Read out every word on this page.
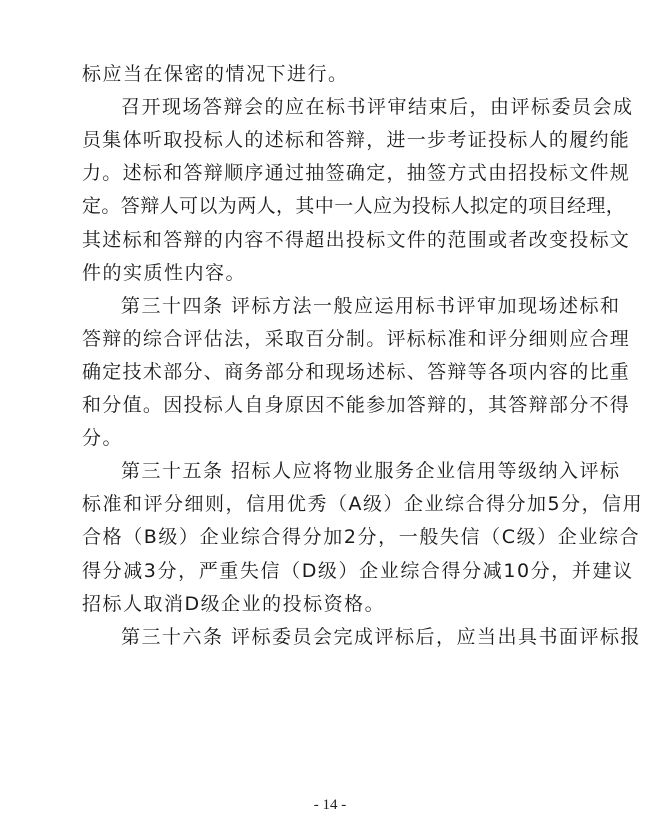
标应当在保密的情况下进行。
召开现场答辩会的应在标书评审结束后，由评标委员会成
员集体听取投标人的述标和答辩，进一步考证投标人的履约能
力。述标和答辩顺序通过抽签确定，抽签方式由招投标文件规
定。答辩人可以为两人，其中一人应为投标人拟定的项目经理，
其述标和答辩的内容不得超出投标文件的范围或者改变投标文
件的实质性内容。
第三十四条 评标方法一般应运用标书评审加现场述标和
答辩的综合评估法，采取百分制。评标标准和评分细则应合理
确定技术部分、商务部分和现场述标、答辩等各项内容的比重
和分值。因投标人自身原因不能参加答辩的，其答辩部分不得
分。
第三十五条 招标人应将物业服务企业信用等级纳入评标
标准和评分细则，信用优秀（A级）企业综合得分加5分，信用
合格（B级）企业综合得分加2分，一般失信（C级）企业综合
得分减3分，严重失信（D级）企业综合得分减10分，并建议
招标人取消D级企业的投标资格。
第三十六条 评标委员会完成评标后，应当出具书面评标报
- 14 -
